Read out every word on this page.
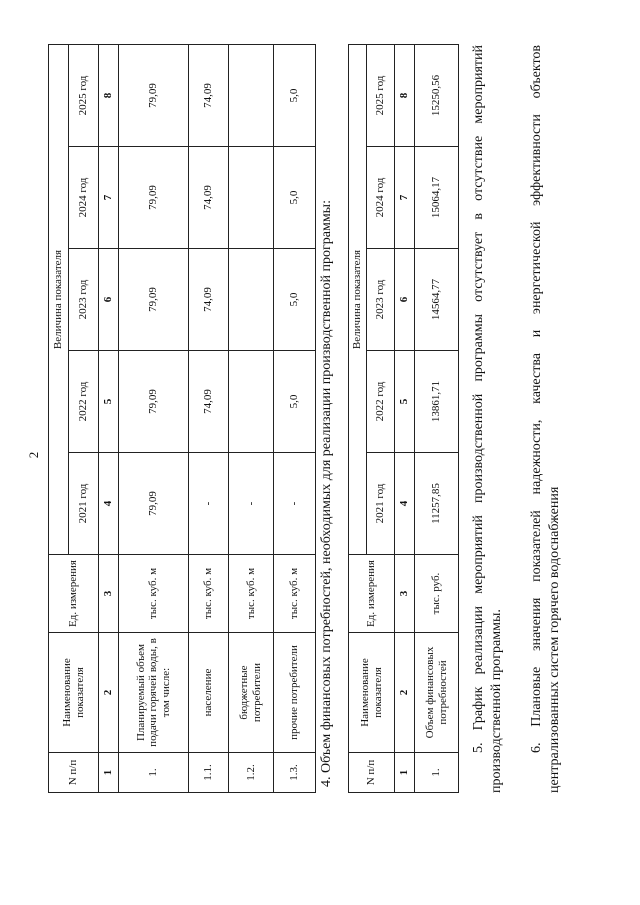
2
N п/п	Наименование показателя	Ед. измерения	Величина показателя				
			2021 год	2022 год	2023 год	2024 год	2025 год
1	2	3	4	5	6	7	8
1.	Планируемый объем подачи горячей воды, в том числе:	тыс. куб. м	79,09	79,09	79,09	79,09	79,09
1.1.	население	тыс. куб. м	-	74,09	74,09	74,09	74,09
1.2.	бюджетные потребители	тыс. куб. м	-				
1.3.	прочие потребители	тыс. куб. м	-	5,0	5,0	5,0	5,0

4. Объем финансовых потребностей, необходимых для реализации производственной программы:	N п/п	Наименование показателя	Ед. измерения	Величина показателя				
			2021 год	2022 год	2023 год	2024 год	2025 год
1	2	3	4	5	6	7	8
1.	Объем финансовых потребностей	тыс. руб.	11257,85	13861,71	14564,77	15064,17	15250,56 5. График реализации мероприятий производственной программы отсутствует в отсутствие мероприятий производственной программы. 6. Плановые значения показателей надежности, качества и энергетической эффективности объектов централизованных систем горячего водоснабжения
